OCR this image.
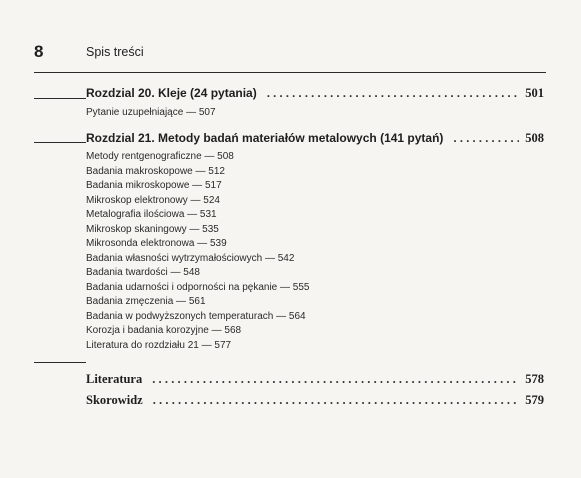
8	Spis treści
Rozdzial 20. Kleje (24 pytania) .....	501
Pytanie uzupełniające — 507
Rozdzial 21. Metody badań materiałów metalowych (141 pytań) .....	508
Metody rentgenograficzne — 508
Badania makroskopowe — 512
Badania mikroskopowe — 517
Mikroskop elektronowy — 524
Metalografia ilościowa — 531
Mikroskop skaningowy — 535
Mikrosonda elektronowa — 539
Badania własności wytrzymałościowych — 542
Badania twardości — 548
Badania udarności i odporności na pękanie — 555
Badania zmęczenia — 561
Badania w podwyższonych temperaturach — 564
Korozja i badania korozyjne — 568
Literatura do rozdziału 21 — 577
Literatura .....	578
Skorowidz .....	579
